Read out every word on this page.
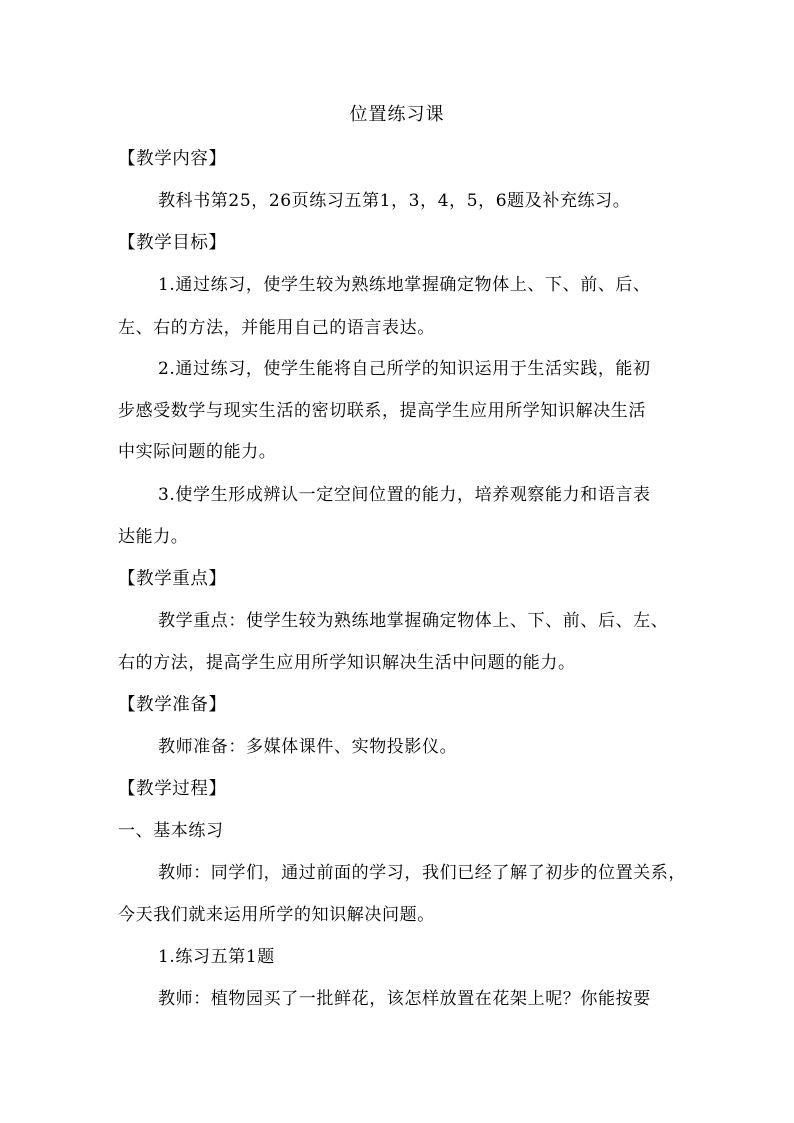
位置练习课
【教学内容】
教科书第25，26页练习五第1，3，4，5，6题及补充练习。
【教学目标】
1.通过练习，使学生较为熟练地掌握确定物体上、下、前、后、
左、右的方法，并能用自己的语言表达。
2.通过练习，使学生能将自己所学的知识运用于生活实践，能初
步感受数学与现实生活的密切联系，提高学生应用所学知识解决生活
中实际问题的能力。
3.使学生形成辨认一定空间位置的能力，培养观察能力和语言表
达能力。
【教学重点】
教学重点：使学生较为熟练地掌握确定物体上、下、前、后、左、
右的方法，提高学生应用所学知识解决生活中问题的能力。
【教学准备】
教师准备：多媒体课件、实物投影仪。
【教学过程】
一、基本练习
教师：同学们，通过前面的学习，我们已经了解了初步的位置关系，
今天我们就来运用所学的知识解决问题。
1.练习五第1题
教师：植物园买了一批鲜花，该怎样放置在花架上呢？你能按要
